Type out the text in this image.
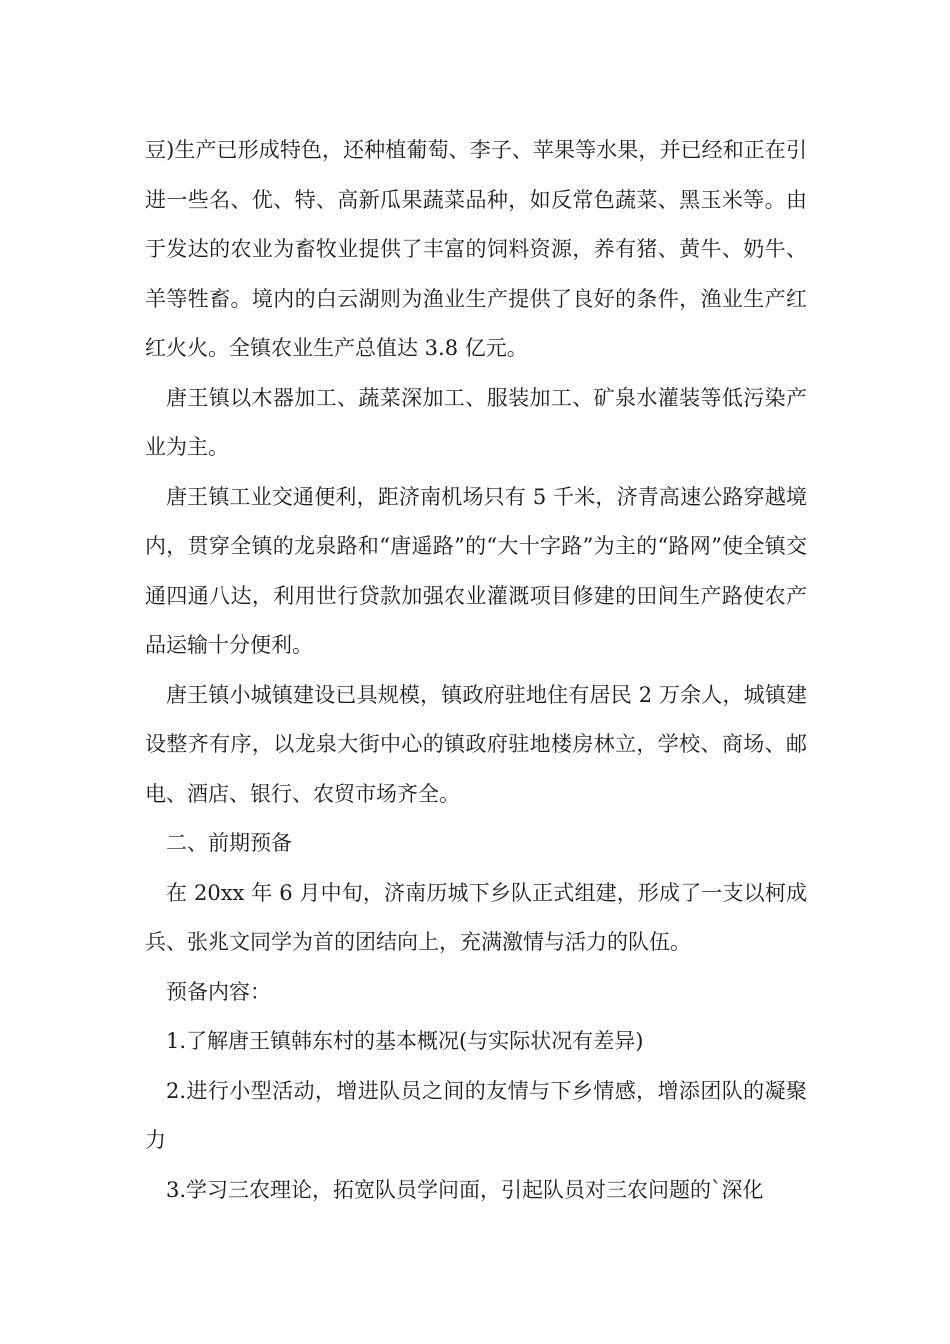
豆)生产已形成特色，还种植葡萄、李子、苹果等水果，并已经和正在引进一些名、优、特、高新瓜果蔬菜品种，如反常色蔬菜、黑玉米等。由于发达的农业为畜牧业提供了丰富的饲料资源，养有猪、黄牛、奶牛、羊等牲畜。境内的白云湖则为渔业生产提供了良好的条件，渔业生产红红火火。全镇农业生产总值达 3.8 亿元。

唐王镇以木器加工、蔬菜深加工、服装加工、矿泉水灌装等低污染产业为主。

唐王镇工业交通便利，距济南机场只有 5 千米，济青高速公路穿越境内，贯穿全镇的龙泉路和“唐遥路”的“大十字路”为主的“路网”使全镇交通四通八达，利用世行贷款加强农业灌溉项目修建的田间生产路使农产品运输十分便利。

唐王镇小城镇建设已具规模，镇政府驻地住有居民 2 万余人，城镇建设整齐有序，以龙泉大街中心的镇政府驻地楼房林立，学校、商场、邮电、酒店、银行、农贸市场齐全。

二、前期预备

在 20xx 年 6 月中旬，济南历城下乡队正式组建，形成了一支以柯成兵、张兆文同学为首的团结向上，充满激情与活力的队伍。

预备内容：

1.了解唐王镇韩东村的基本概况(与实际状况有差异)

2.进行小型活动，增进队员之间的友情与下乡情感，增添团队的凝聚力

3.学习三农理论，拓宽队员学问面，引起队员对三农问题的`深化
